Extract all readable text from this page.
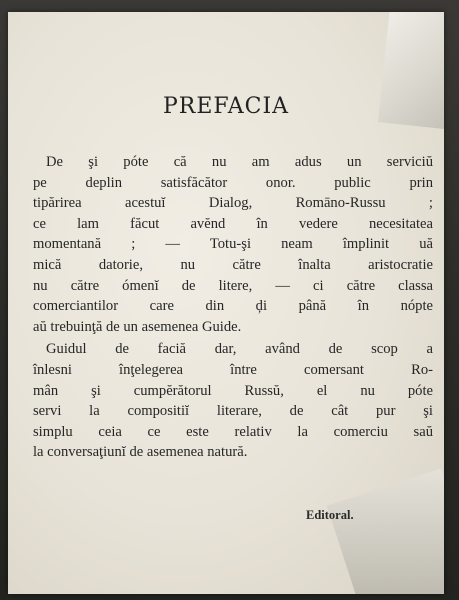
PREFACIA
De şi póte că nu am adus un serviciŭ
pe deplin satisfăcător onor. public prin
tipărirea acestuĭ Dialog, Romāno-Russu ;
ce lam făcut avĕnd în vedere necesitatea
momentană ; — Totu-şi neam împlinit uă
mică datorie, nu către înalta aristocratie
nu către ómenĭ de litere, — ci către classa
comerciantilor care din ḑi până în nópte
aŭ trebuinţă de un asemenea Guide.
Guidul de faciă dar, având de scop a
înlesni înţelegerea între comersant Ro-
mân şi cumpĕrătorul Russŭ, el nu póte
servi la compositiĭ literare, de cât pur şi
simplu ceia ce este relativ la comerciu saŭ
la conversaţiunĭ de asemenea natură.
Editoral.
